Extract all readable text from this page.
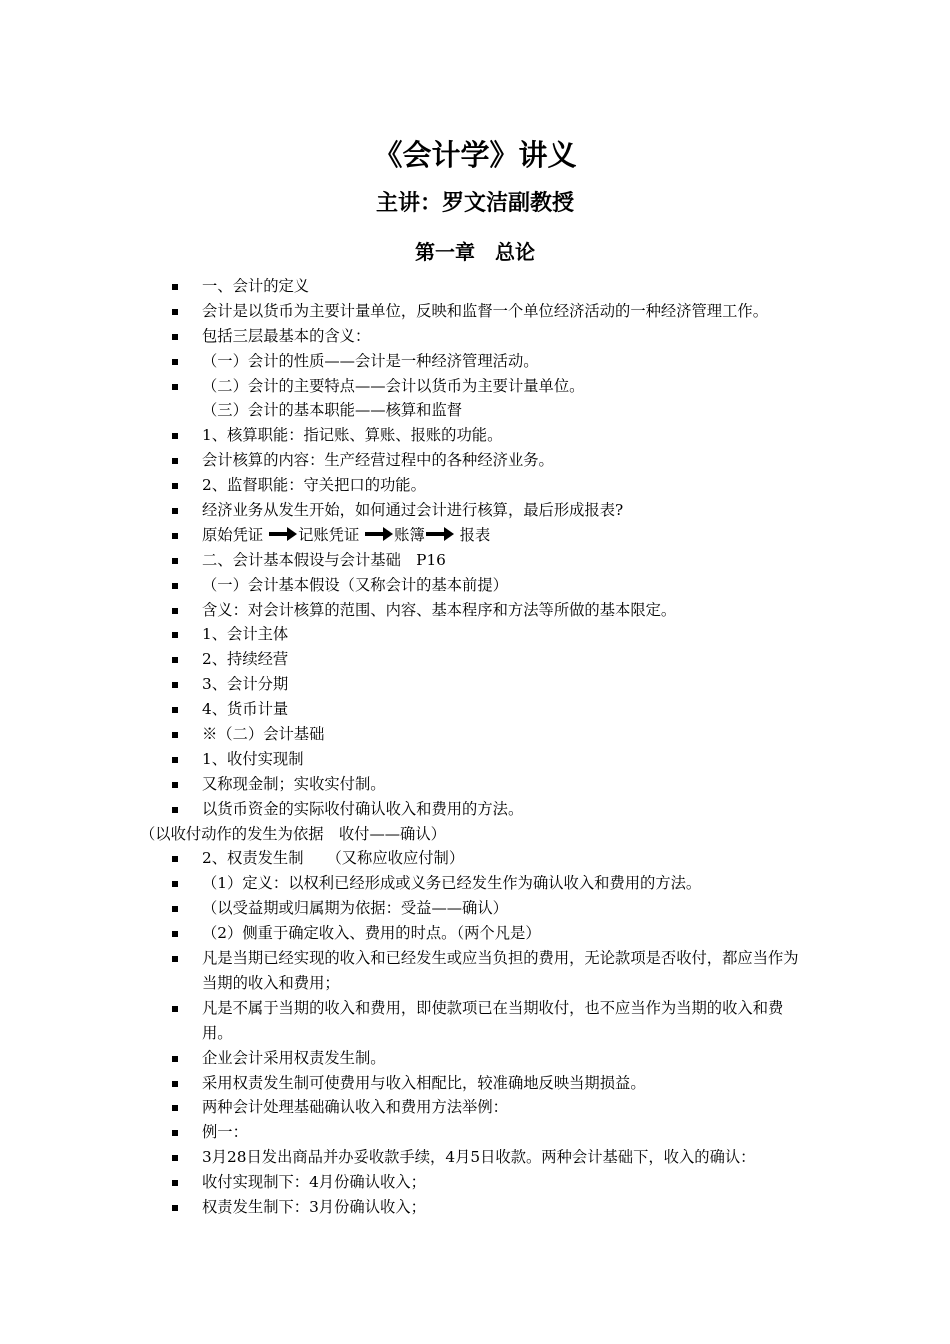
《会计学》讲义
主讲：罗文洁副教授
第一章　总论
一、会计的定义
会计是以货币为主要计量单位，反映和监督一个单位经济活动的一种经济管理工作。
包括三层最基本的含义：
（一）会计的性质——会计是一种经济管理活动。
（二）会计的主要特点——会计以货币为主要计量单位。
（三）会计的基本职能——核算和监督
1、核算职能：指记账、算账、报账的功能。
会计核算的内容：生产经营过程中的各种经济业务。
2、监督职能：守关把口的功能。
经济业务从发生开始，如何通过会计进行核算，最后形成报表?
原始凭证 记账凭证 账簿 报表
二、会计基本假设与会计基础　P16
（一）会计基本假设（又称会计的基本前提）
含义：对会计核算的范围、内容、基本程序和方法等所做的基本限定。
1、会计主体
2、持续经营
3、会计分期
4、货币计量
※（二）会计基础
1、收付实现制
又称现金制；实收实付制。
以货币资金的实际收付确认收入和费用的方法。
（以收付动作的发生为依据　收付——确认）
2、权责发生制　　（又称应收应付制）
（1）定义：以权利已经形成或义务已经发生作为确认收入和费用的方法。
（以受益期或归属期为依据：受益——确认）
（2）侧重于确定收入、费用的时点。（两个凡是）
凡是当期已经实现的收入和已经发生或应当负担的费用，无论款项是否收付，都应当作为当期的收入和费用；
凡是不属于当期的收入和费用，即使款项已在当期收付，也不应当作为当期的收入和费用。
企业会计采用权责发生制。
采用权责发生制可使费用与收入相配比，较准确地反映当期损益。
两种会计处理基础确认收入和费用方法举例：
例一：
3月28日发出商品并办妥收款手续，4月5日收款。两种会计基础下，收入的确认：
收付实现制下：4月份确认收入；
权责发生制下：3月份确认收入；
